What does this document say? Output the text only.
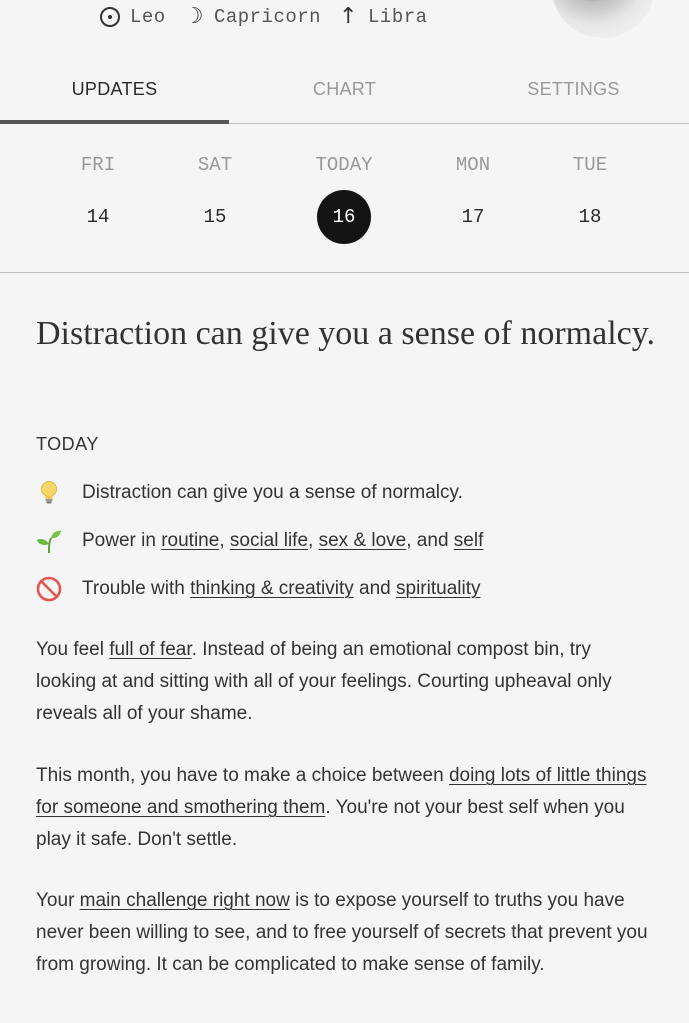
Leo ☽ Capricorn ↑ Libra
UPDATES	CHART	SETTINGS
FRI
14
SAT
15
TODAY
16
MON
17
TUE
18
Distraction can give you a sense of normalcy.
TODAY
Distraction can give you a sense of normalcy.
Power in routine, social life, sex & love, and self
Trouble with thinking & creativity and spirituality

You feel full of fear. Instead of being an emotional compost bin, try looking at and sitting with all of your feelings. Courting upheaval only reveals all of your shame.

This month, you have to make a choice between doing lots of little things for someone and smothering them. You're not your best self when you play it safe. Don't settle.

Your main challenge right now is to expose yourself to truths you have never been willing to see, and to free yourself of secrets that prevent you from growing. It can be complicated to make sense of family.
